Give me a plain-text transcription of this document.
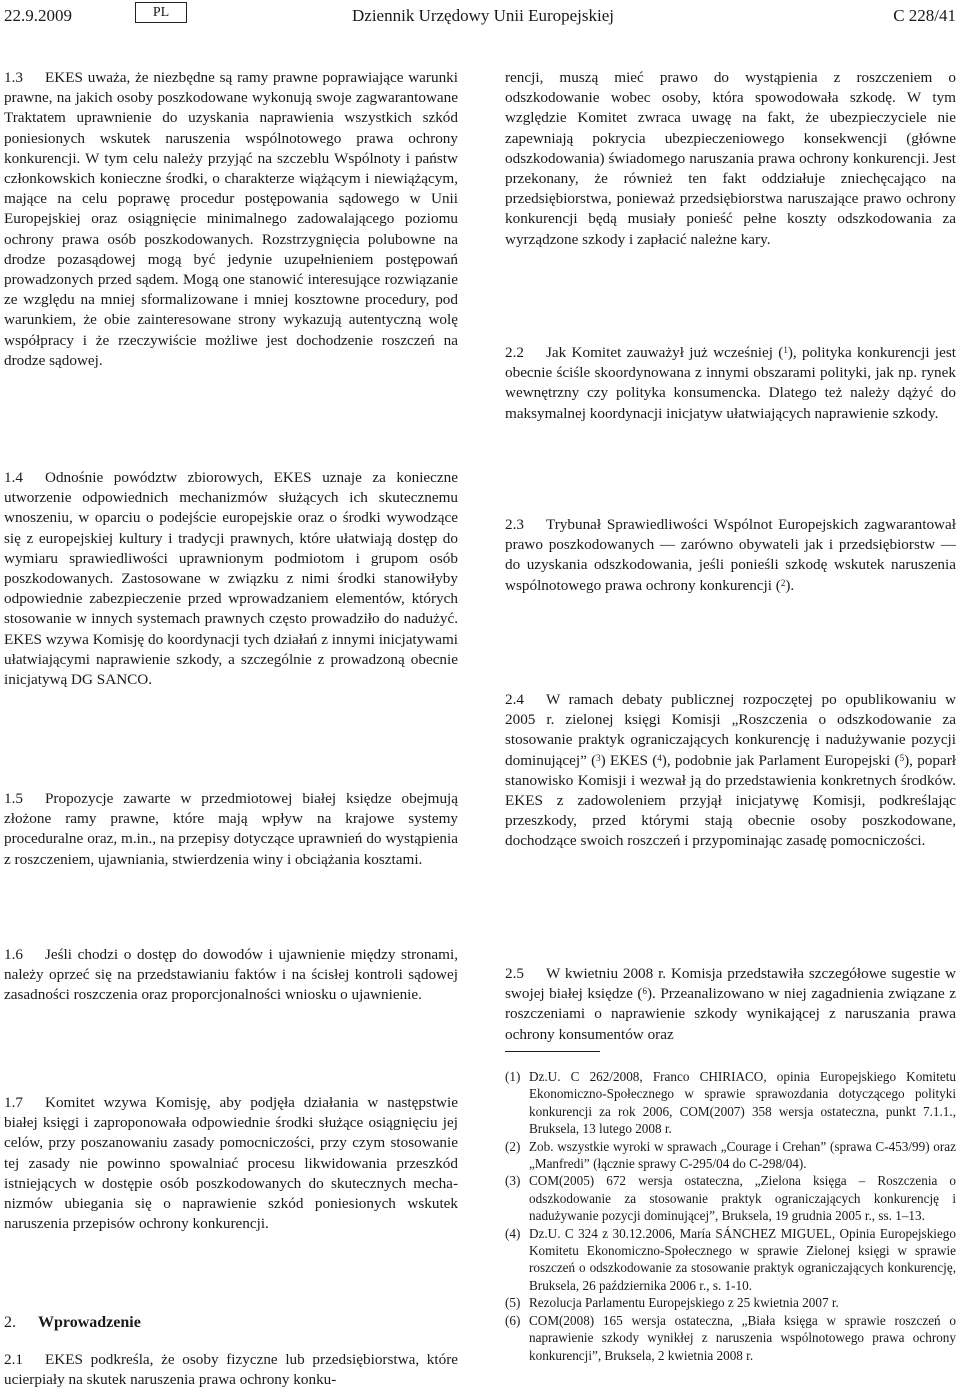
22.9.2009	PL	Dziennik Urzędowy Unii Europejskiej	C 228/41
1.3 EKES uważa, że niezbędne są ramy prawne poprawiające warunki prawne, na jakich osoby poszkodowane wykonują swoje zagwarantowane Traktatem uprawnienie do uzyskania naprawienia wszystkich szkód poniesionych wskutek naruszenia wspólnotowego prawa ochrony konkurencji. W tym celu należy przyjąć na szczeblu Wspólnoty i państw członkowskich konieczne środki, o charakterze wiążącym i niewiążącym, mające na celu poprawę procedur postępowania sądowego w Unii Europejskiej oraz osiągnięcie minimalnego zadowalającego poziomu ochrony prawa osób poszkodowanych. Rozstrzygnięcia polubowne na drodze pozasądowej mogą być jedynie uzupełnieniem postępowań prowadzonych przed sądem. Mogą one stanowić interesujące rozwiązanie ze względu na mniej sformalizowane i mniej kosztowne procedury, pod warunkiem, że obie zainteresowane strony wykazują autentyczną wolę współpracy i że rzeczywiście możliwe jest dochodzenie roszczeń na drodze sądowej.
1.4 Odnośnie powództw zbiorowych, EKES uznaje za konieczne utworzenie odpowiednich mechanizmów służących ich skutecznemu wnoszeniu, w oparciu o podejście europejskie oraz o środki wywodzące się z europejskiej kultury i tradycji prawnych, które ułatwiają dostęp do wymiaru sprawiedliwości uprawnionym podmiotom i grupom osób poszkodowanych. Zastosowane w związku z nimi środki stanowiłyby odpowiednie zabezpieczenie przed wprowadzaniem elementów, których stosowanie w innych systemach prawnych często prowadziło do nadużyć. EKES wzywa Komisję do koordynacji tych działań z innymi inicjatywami ułatwiającymi naprawienie szkody, a szczególnie z prowadzoną obecnie inicjatywą DG SANCO.
1.5 Propozycje zawarte w przedmiotowej białej księdze obejmują złożone ramy prawne, które mają wpływ na krajowe systemy proceduralne oraz, m.in., na przepisy dotyczące uprawnień do wystąpienia z roszczeniem, ujawniania, stwierdzenia winy i obciążania kosztami.
1.6 Jeśli chodzi o dostęp do dowodów i ujawnienie między stronami, należy oprzeć się na przedstawianiu faktów i na ścisłej kontroli sądowej zasadności roszczenia oraz proporcjonalności wniosku o ujawnienie.
1.7 Komitet wzywa Komisję, aby podjęła działania w następstwie białej księgi i zaproponowała odpowiednie środki służące osiągnięciu jej celów, przy poszanowaniu zasady pomocniczości, przy czym stosowanie tej zasady nie powinno spowalniać procesu likwidowania przeszkód istniejących w dostępie osób poszkodowanych do skutecznych mechanizmów ubiegania się o naprawienie szkód poniesionych wskutek naruszenia przepisów ochrony konkurencji.
2. Wprowadzenie
2.1 EKES podkreśla, że osoby fizyczne lub przedsiębiorstwa, które ucierpiały na skutek naruszenia prawa ochrony konku-
rencji, muszą mieć prawo do wystąpienia z roszczeniem o odszkodowanie wobec osoby, która spowodowała szkodę. W tym względzie Komitet zwraca uwagę na fakt, że ubezpieczyciele nie zapewniają pokrycia ubezpieczeniowego konsekwencji (główne odszkodowania) świadomego naruszania prawa ochrony konkurencji. Jest przekonany, że również ten fakt oddziałuje zniechęcająco na przedsiębiorstwa, ponieważ przedsiębiorstwa naruszające prawo ochrony konkurencji będą musiały ponieść pełne koszty odszkodowania za wyrządzone szkody i zapłacić należne kary.
2.2 Jak Komitet zauważył już wcześniej ($^1$), polityka konkurencji jest obecnie ściśle skoordynowana z innymi obszarami polityki, jak np. rynek wewnętrzny czy polityka konsumencka. Dlatego też należy dążyć do maksymalnej koordynacji inicjatyw ułatwiających naprawienie szkody.
2.3 Trybunał Sprawiedliwości Wspólnot Europejskich zagwarantował prawo poszkodowanych — zarówno obywateli jak i przedsiębiorstw — do uzyskania odszkodowania, jeśli ponieśli szkodę wskutek naruszenia wspólnotowego prawa ochrony konkurencji ($^2$).
2.4 W ramach debaty publicznej rozpoczętej po opublikowaniu w 2005 r. zielonej księgi Komisji „Roszczenia o odszkodowanie za stosowanie praktyk ograniczających konkurencję i nadużywanie pozycji dominującej” ($^3$) EKES ($^4$), podobnie jak Parlament Europejski ($^5$), poparł stanowisko Komisji i wezwał ją do przedstawienia konkretnych środków. EKES z zadowoleniem przyjął inicjatywę Komisji, podkreślając przeszkody, przed którymi stają obecnie osoby poszkodowane, dochodzące swoich roszczeń i przypominając zasadę pomocniczości.
2.5 W kwietniu 2008 r. Komisja przedstawiła szczegółowe sugestie w swojej białej księdze ($^6$). Przeanalizowano w niej zagadnienia związane z roszczeniami o naprawienie szkody wynikającej z naruszania prawa ochrony konsumentów oraz
(1) Dz.U. C 262/2008, Franco CHIRIACO, opinia Europejskiego Komitetu Ekonomiczno-Społecznego w sprawie sprawozdania dotyczącego polityki konkurencji za rok 2006, COM(2007) 358 wersja ostateczna, punkt 7.1.1., Bruksela, 13 lutego 2008 r.
(2) Zob. wszystkie wyroki w sprawach „Courage i Crehan” (sprawa C-453/99) oraz „Manfredi” (łącznie sprawy C-295/04 do C-298/04).
(3) COM(2005) 672 wersja ostateczna, „Zielona księga – Roszczenia o odszkodowanie za stosowanie praktyk ograniczających konkurencję i nadużywanie pozycji dominującej”, Bruksela, 19 grudnia 2005 r., ss. 1–13.
(4) Dz.U. C 324 z 30.12.2006, María SÁNCHEZ MIGUEL, Opinia Europejskiego Komitetu Ekonomiczno-Społecznego w sprawie Zielonej księgi w sprawie roszczeń o odszkodowanie za stosowanie praktyk ograniczających konkurencję, Bruksela, 26 października 2006 r., s. 1-10.
(5) Rezolucja Parlamentu Europejskiego z 25 kwietnia 2007 r.
(6) COM(2008) 165 wersja ostateczna, „Biała księga w sprawie roszczeń o naprawienie szkody wynikłej z naruszenia wspólnotowego prawa ochrony konkurencji”, Bruksela, 2 kwietnia 2008 r.
